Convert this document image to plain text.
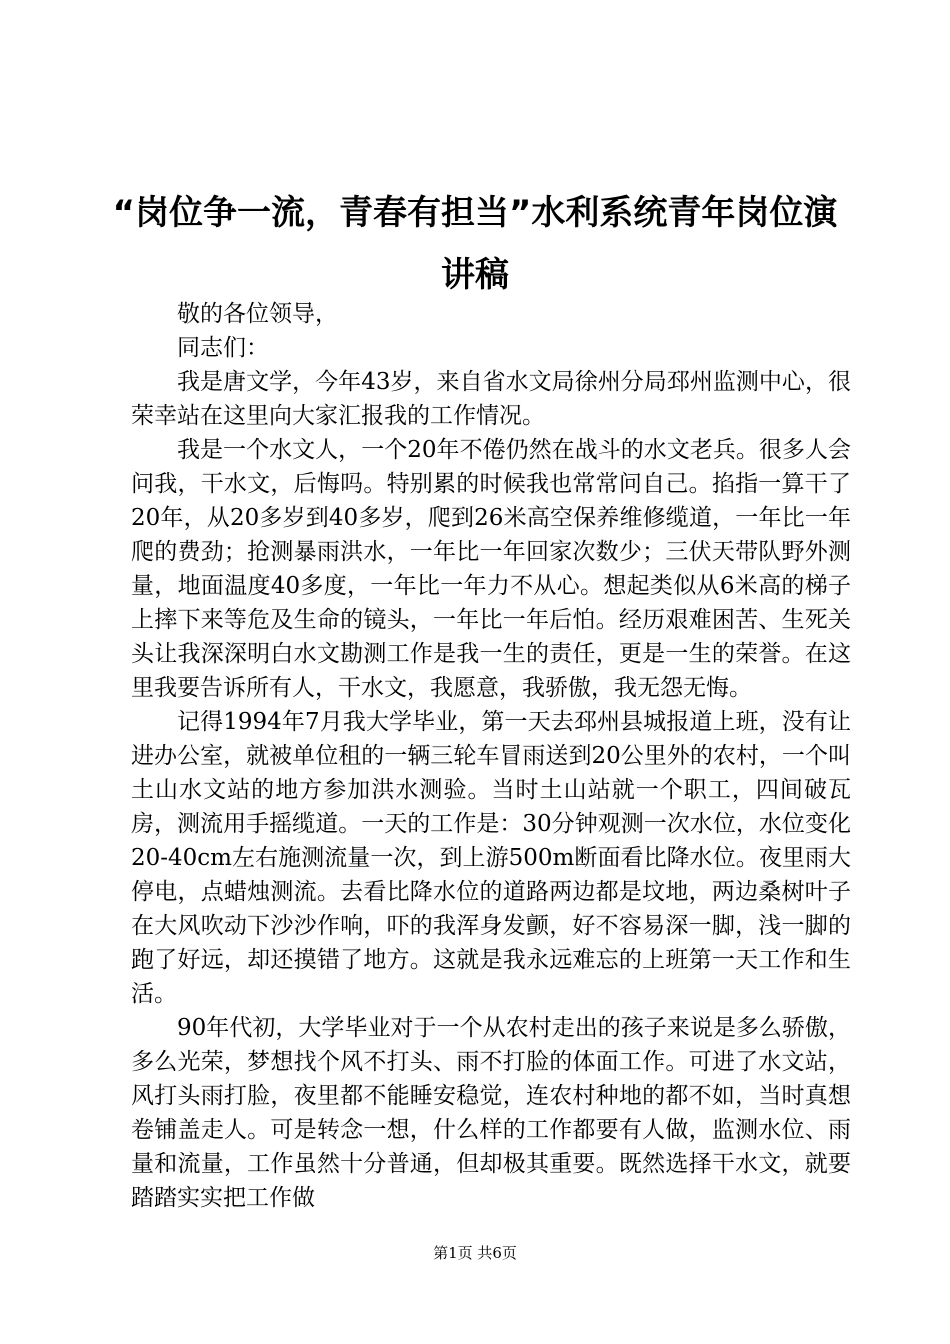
“岗位争一流，青春有担当”水利系统青年岗位演讲稿

敬的各位领导，

同志们：

我是唐文学，今年43岁，来自省水文局徐州分局邳州监测中心，很荣幸站在这里向大家汇报我的工作情况。

我是一个水文人，一个20年不倦仍然在战斗的水文老兵。很多人会问我，干水文，后悔吗。特别累的时候我也常常问自己。掐指一算干了20年，从20多岁到40多岁，爬到26米高空保养维修缆道，一年比一年爬的费劲；抢测暴雨洪水，一年比一年回家次数少；三伏天带队野外测量，地面温度40多度，一年比一年力不从心。想起类似从6米高的梯子上摔下来等危及生命的镜头，一年比一年后怕。经历艰难困苦、生死关头让我深深明白水文勘测工作是我一生的责任，更是一生的荣誉。在这里我要告诉所有人，干水文，我愿意，我骄傲，我无怨无悔。

记得1994年7月我大学毕业，第一天去邳州县城报道上班，没有让进办公室，就被单位租的一辆三轮车冒雨送到20公里外的农村，一个叫土山水文站的地方参加洪水测验。当时土山站就一个职工，四间破瓦房，测流用手摇缆道。一天的工作是：30分钟观测一次水位，水位变化20-40cm左右施测流量一次，到上游500m断面看比降水位。夜里雨大停电，点蜡烛测流。去看比降水位的道路两边都是坟地，两边桑树叶子在大风吹动下沙沙作响，吓的我浑身发颤，好不容易深一脚，浅一脚的跑了好远，却还摸错了地方。这就是我永远难忘的上班第一天工作和生活。

90年代初，大学毕业对于一个从农村走出的孩子来说是多么骄傲，多么光荣，梦想找个风不打头、雨不打脸的体面工作。可进了水文站，风打头雨打脸，夜里都不能睡安稳觉，连农村种地的都不如，当时真想卷铺盖走人。可是转念一想，什么样的工作都要有人做，监测水位、雨量和流量，工作虽然十分普通，但却极其重要。既然选择干水文，就要踏踏实实把工作做

第1页 共6页
